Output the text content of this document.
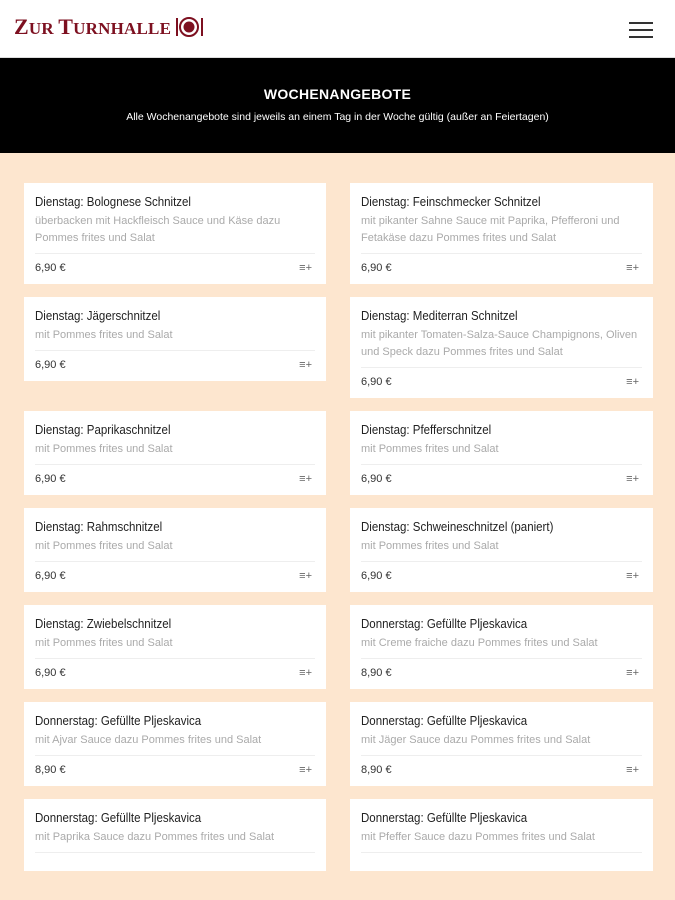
ZUR TURNHALLE
WOCHENANGEBOTE

Alle Wochenangebote sind jeweils an einem Tag in der Woche gültig (außer an Feiertagen)

Dienstag: Bolognese Schnitzel
überbacken mit Hackfleisch Sauce und Käse dazu Pommes frites und Salat
6,90 €	≡+
Dienstag: Feinschmecker Schnitzel
mit pikanter Sahne Sauce mit Paprika, Pfefferoni und Fetakäse dazu Pommes frites und Salat
6,90 €	≡+
Dienstag: Jägerschnitzel
mit Pommes frites und Salat
6,90 €	≡+
Dienstag: Mediterran Schnitzel
mit pikanter Tomaten-Salza-Sauce Champignons, Oliven und Speck dazu Pommes frites und Salat
6,90 €	≡+
Dienstag: Paprikaschnitzel
mit Pommes frites und Salat
6,90 €	≡+
Dienstag: Pfefferschnitzel
mit Pommes frites und Salat
6,90 €	≡+
Dienstag: Rahmschnitzel
mit Pommes frites und Salat
6,90 €	≡+
Dienstag: Schweineschnitzel (paniert)
mit Pommes frites und Salat
6,90 €	≡+
Dienstag: Zwiebelschnitzel
mit Pommes frites und Salat
6,90 €	≡+
Donnerstag: Gefüllte Pljeskavica
mit Creme fraiche dazu Pommes frites und Salat
8,90 €	≡+
Donnerstag: Gefüllte Pljeskavica
mit Ajvar Sauce dazu Pommes frites und Salat
8,90 €	≡+
Donnerstag: Gefüllte Pljeskavica
mit Jäger Sauce dazu Pommes frites und Salat
8,90 €	≡+
Donnerstag: Gefüllte Pljeskavica
mit Paprika Sauce dazu Pommes frites und Salat
Donnerstag: Gefüllte Pljeskavica
mit Pfeffer Sauce dazu Pommes frites und Salat
